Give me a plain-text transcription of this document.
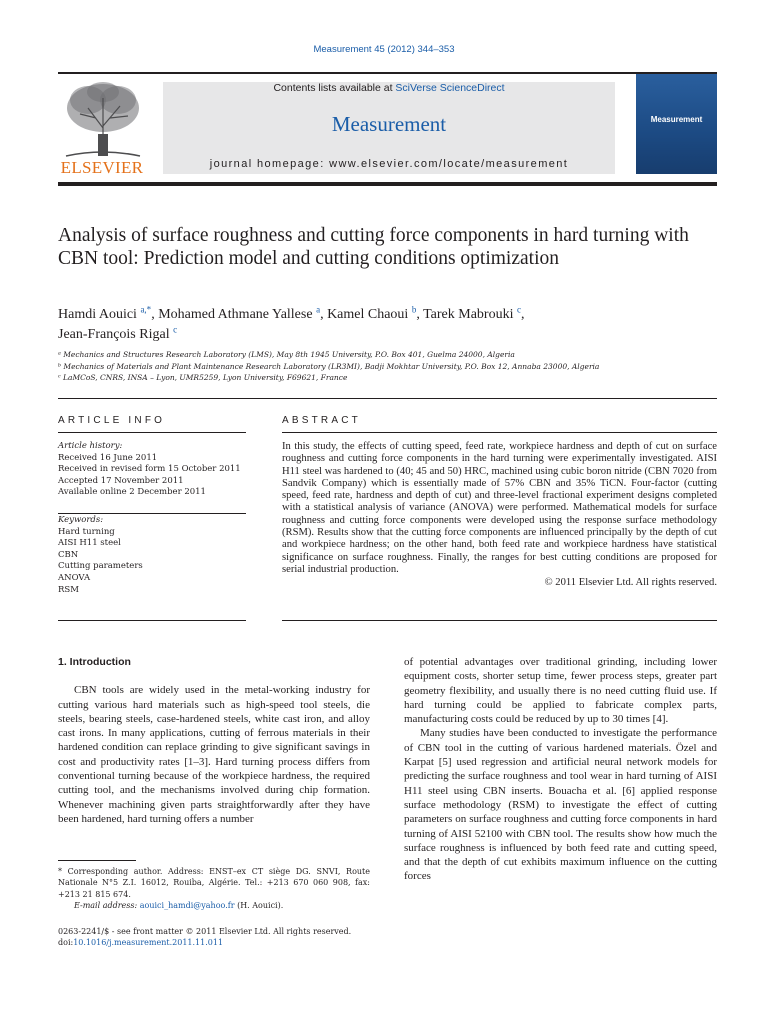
Measurement 45 (2012) 344–353
ELSEVIER
Contents lists available at SciVerse ScienceDirect
Measurement
journal homepage: www.elsevier.com/locate/measurement
Measurement
Analysis of surface roughness and cutting force components in hard turning with CBN tool: Prediction model and cutting conditions optimization
Hamdi Aouici $^{a,*}$, Mohamed Athmane Yallese $^a$, Kamel Chaoui $^b$, Tarek Mabrouki $^c$,
Jean-François Rigal $^c$
ᵃ Mechanics and Structures Research Laboratory (LMS), May 8th 1945 University, P.O. Box 401, Guelma 24000, Algeria
ᵇ Mechanics of Materials and Plant Maintenance Research Laboratory (LR3MI), Badji Mokhtar University, P.O. Box 12, Annaba 23000, Algeria
ᶜ LaMCoS, CNRS, INSA – Lyon, UMR5259, Lyon University, F69621, France
ARTICLE INFO	ABSTRACT
Article history:
Received 16 June 2011
Received in revised form 15 October 2011
Accepted 17 November 2011
Available online 2 December 2011
Keywords:
Hard turning
AISI H11 steel
CBN
Cutting parameters
ANOVA
RSM
In this study, the effects of cutting speed, feed rate, workpiece hardness and depth of cut on surface roughness and cutting force components in the hard turning were experimentally investigated. AISI H11 steel was hardened to (40; 45 and 50) HRC, machined using cubic boron nitride (CBN 7020 from Sandvik Company) which is essentially made of 57% CBN and 35% TiCN. Four-factor (cutting speed, feed rate, hardness and depth of cut) and three-level fractional experiment designs completed with a statistical analysis of variance (ANOVA) were performed. Mathematical models for surface roughness and cutting force components were developed using the response surface methodology (RSM). Results show that the cutting force components are influenced principally by the depth of cut and workpiece hardness; on the other hand, both feed rate and workpiece hardness have statistical significance on surface roughness. Finally, the ranges for best cutting conditions are proposed for serial industrial production.
© 2011 Elsevier Ltd. All rights reserved.
1. Introduction

CBN tools are widely used in the metal-working industry for cutting various hard materials such as high-speed tool steels, die steels, bearing steels, case-hardened steels, white cast iron, and alloy cast irons. In many applications, cutting of ferrous materials in their hardened condition can replace grinding to give significant savings in cost and productivity rates [1–3]. Hard turning process differs from conventional turning because of the workpiece hardness, the required cutting tool, and the mechanisms involved during chip formation. Whenever machining given parts straightforwardly after they have been hardened, hard turning offers a number

of potential advantages over traditional grinding, including lower equipment costs, shorter setup time, fewer process steps, greater part geometry flexibility, and usually there is no need cutting fluid use. If hard turning could be applied to fabricate complex parts, manufacturing costs could be reduced by up to 30 times [4].

Many studies have been conducted to investigate the performance of CBN tool in the cutting of various hardened materials. Özel and Karpat [5] used regression and artificial neural network models for predicting the surface roughness and tool wear in hard turning of AISI H11 steel using CBN inserts. Bouacha et al. [6] applied response surface methodology (RSM) to investigate the effect of cutting parameters on surface roughness and cutting force components in hard turning of AISI 52100 with CBN tool. The results show how much the surface roughness is influenced by both feed rate and cutting speed, and that the depth of cut exhibits maximum influence on the cutting forces

* Corresponding author. Address: ENST–ex CT siège DG. SNVI, Route Nationale N°5 Z.I. 16012, Rouiba, Algérie. Tel.: +213 670 060 908, fax: +213 21 815 674.
E-mail address: aouici_hamdi@yahoo.fr (H. Aouici).
0263-2241/$ - see front matter © 2011 Elsevier Ltd. All rights reserved.
doi:10.1016/j.measurement.2011.11.011
